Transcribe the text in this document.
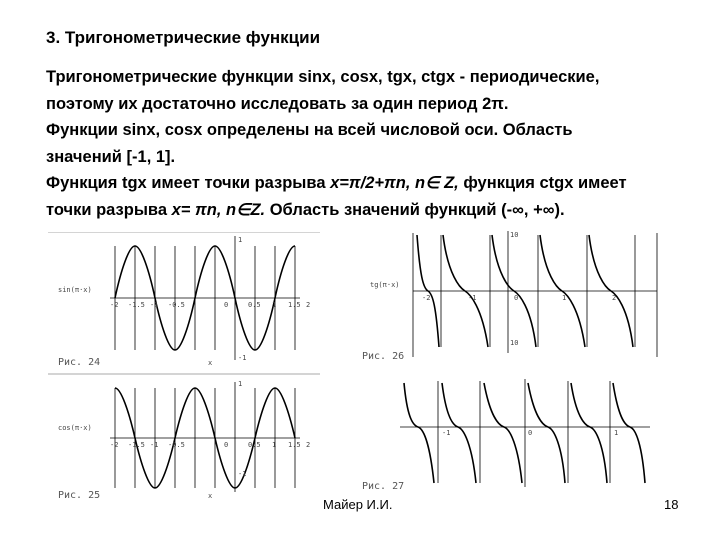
3. Тригонометрические функции

Тригонометрические функции sinx, cosx, tgx, ctgx - периодические,

поэтому их достаточно исследовать за один период 2π.

Функции sinx, cosx определены на всей числовой оси. Область

значений [-1, 1].

Функция tgx имеет точки разрыва x=π/2+πn, n∈ Z, функция ctgx имеет

точки разрыва x= πn, n∈Z. Область значений функций (-∞, +∞).

1
-1
sin(π·x)
-2 -1.5 -1 -0.5	0	0.5 1 1.5 2
Рис. 24	x
1
-1
cos(π·x)
-2 -1.5 -1 -0.5	0	0.5 1 1.5 2
Рис. 25	x
10
10
tg(π·x)
-2	-1	0	1	2
Рис. 26
-1	0	1
Рис. 27
Майер И.И.	18
